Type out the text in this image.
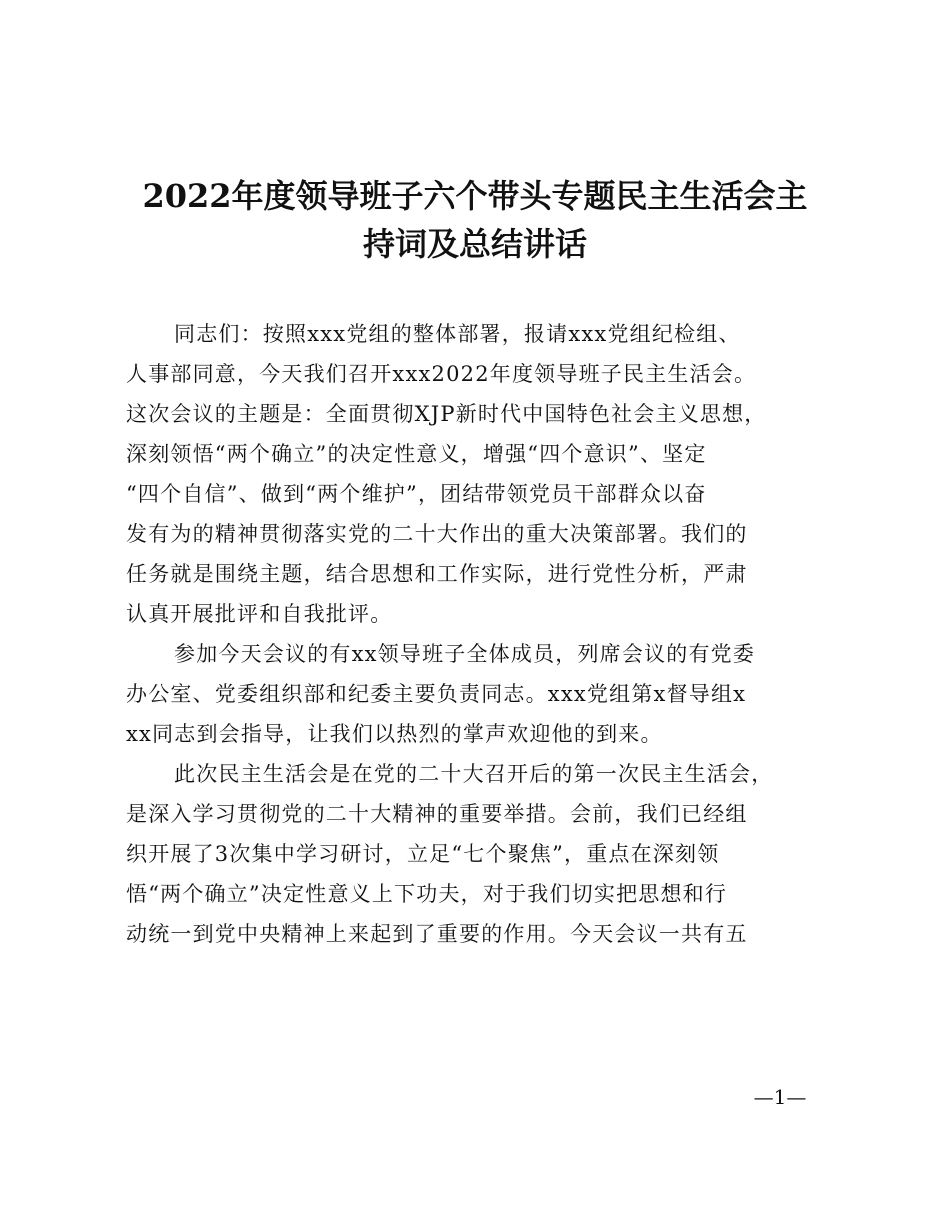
2022年度领导班子六个带头专题民主生活会主
持词及总结讲话

同志们：按照xxx党组的整体部署，报请xxx党组纪检组、
人事部同意，今天我们召开xxx2022年度领导班子民主生活会。
这次会议的主题是：全面贯彻XJP新时代中国特色社会主义思想，
深刻领悟“两个确立”的决定性意义，增强“四个意识”、坚定
“四个自信”、做到“两个维护”，团结带领党员干部群众以奋
发有为的精神贯彻落实党的二十大作出的重大决策部署。我们的
任务就是围绕主题，结合思想和工作实际，进行党性分析，严肃
认真开展批评和自我批评。

参加今天会议的有xx领导班子全体成员，列席会议的有党委
办公室、党委组织部和纪委主要负责同志。xxx党组第x督导组x
xx同志到会指导，让我们以热烈的掌声欢迎他的到来。

此次民主生活会是在党的二十大召开后的第一次民主生活会，
是深入学习贯彻党的二十大精神的重要举措。会前，我们已经组
织开展了3次集中学习研讨，立足“七个聚焦”，重点在深刻领
悟“两个确立”决定性意义上下功夫，对于我们切实把思想和行
动统一到党中央精神上来起到了重要的作用。今天会议一共有五

—1—
